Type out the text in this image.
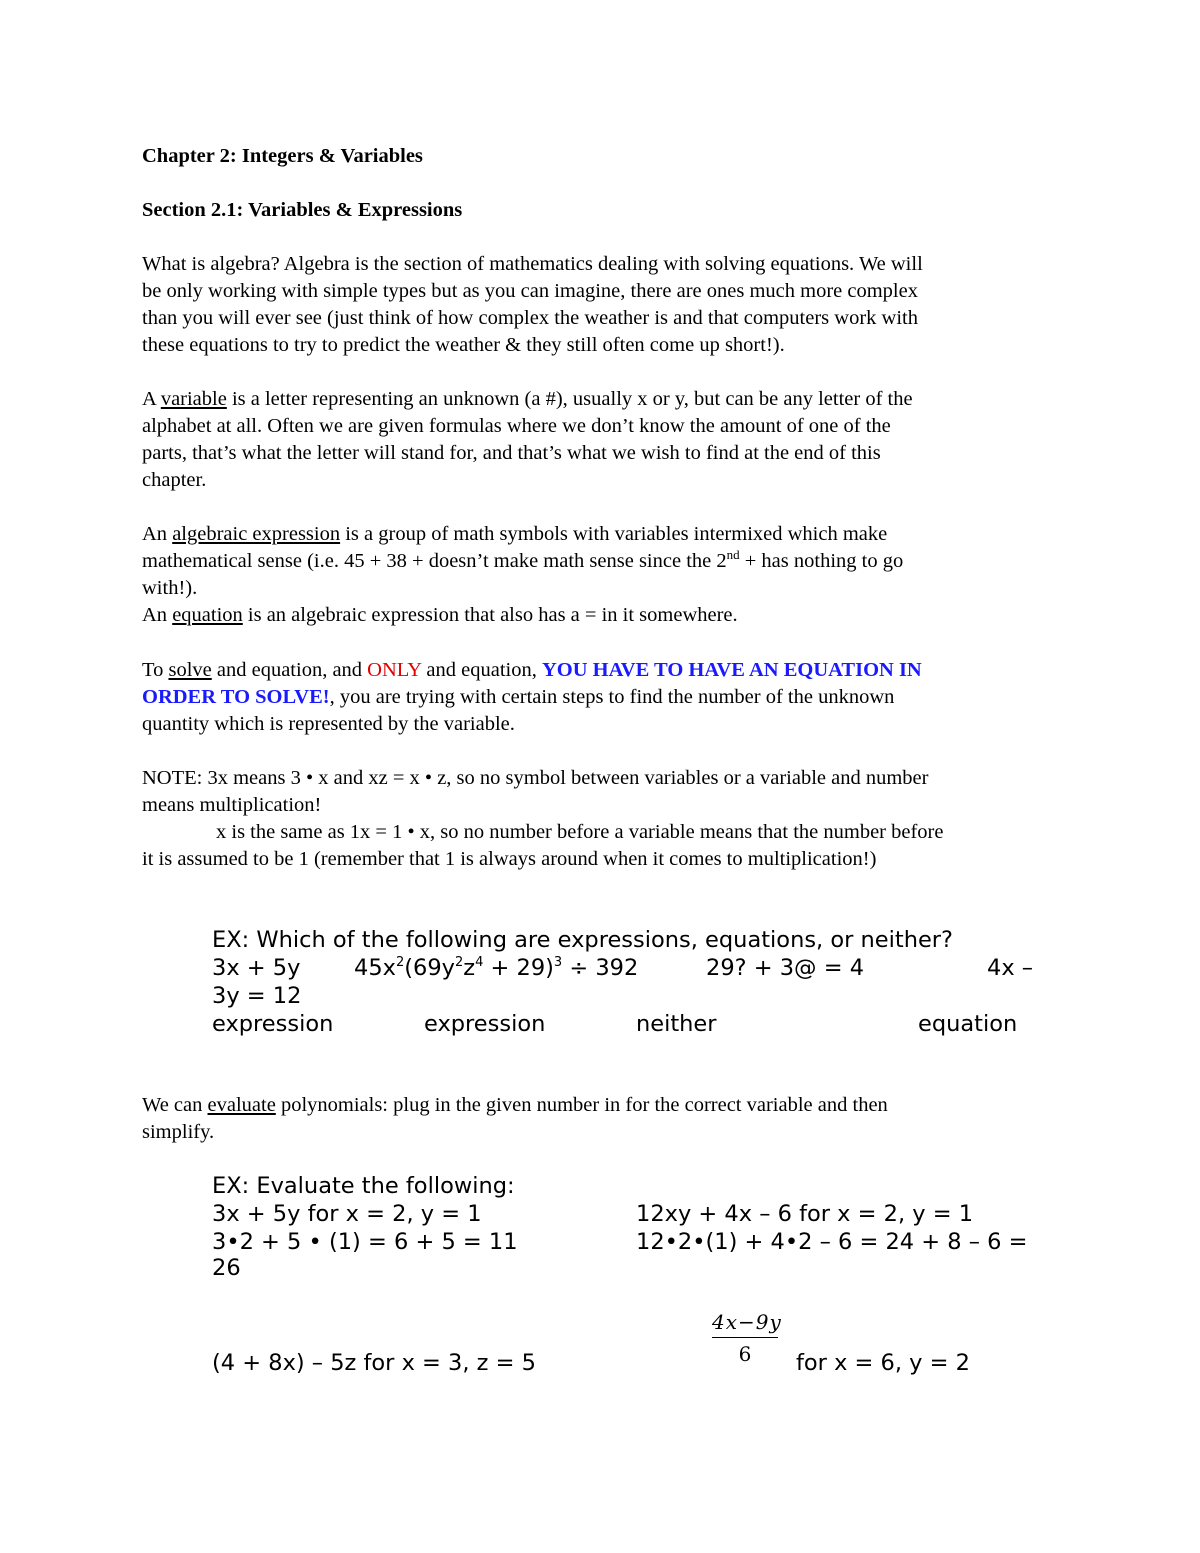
Chapter 2: Integers & Variables
Section 2.1: Variables & Expressions
What is algebra? Algebra is the section of mathematics dealing with solving equations. We will
be only working with simple types but as you can imagine, there are ones much more complex
than you will ever see (just think of how complex the weather is and that computers work with
these equations to try to predict the weather & they still often come up short!).
A variable is a letter representing an unknown (a #), usually x or y, but can be any letter of the
alphabet at all. Often we are given formulas where we don’t know the amount of one of the
parts, that’s what the letter will stand for, and that’s what we wish to find at the end of this
chapter.
An algebraic expression is a group of math symbols with variables intermixed which make
mathematical sense (i.e. 45 + 38 + doesn’t make math sense since the 2nd + has nothing to go
with!).
An equation is an algebraic expression that also has a = in it somewhere.
To solve and equation, and ONLY and equation, YOU HAVE TO HAVE AN EQUATION IN
ORDER TO SOLVE!, you are trying with certain steps to find the number of the unknown
quantity which is represented by the variable.
NOTE: 3x means 3 • x and xz = x • z, so no symbol between variables or a variable and number
means multiplication!
x is the same as 1x = 1 • x, so no number before a variable means that the number before
it is assumed to be 1 (remember that 1 is always around when it comes to multiplication!)
EX: Which of the following are expressions, equations, or neither?
3x + 5y $45x^2(69y^2z^4 + 29)^3 \div 392$	29? + 3@ = 4	4x –
3y = 12
expression	expression	neither	equation
We can evaluate polynomials: plug in the given number in for the correct variable and then
simplify.
EX: Evaluate the following:
3x + 5y for x = 2, y = 1	12xy + 4x – 6 for x = 2, y = 1
3•2 + 5 • (1) = 6 + 5 = 11	12•2•(1) + 4•2 – 6 = 24 + 8 – 6 =
26
(4 + 8x) – 5z for x = 3, z = 5
4x−9y
6	for x = 6, y = 2
